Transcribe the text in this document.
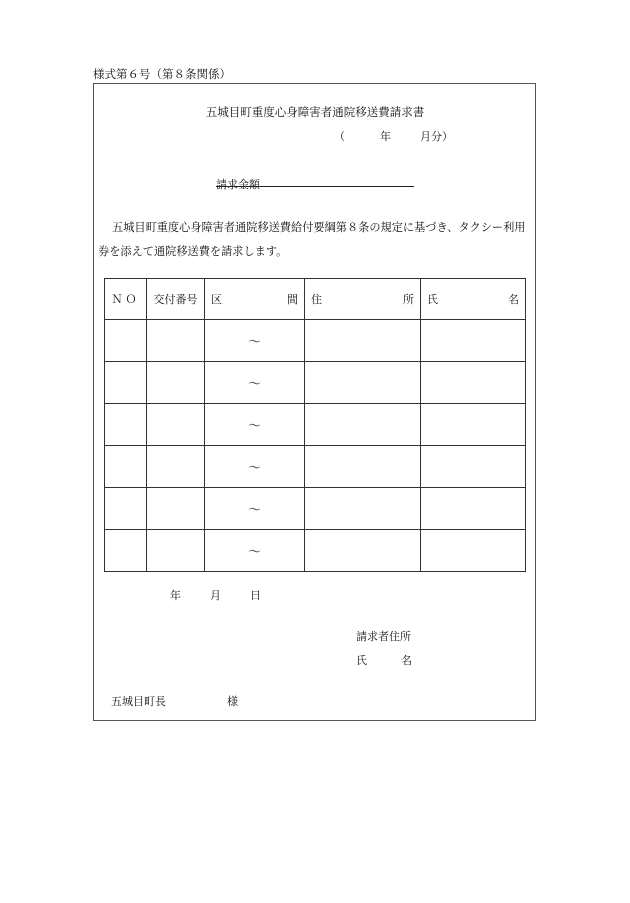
様式第６号（第８条関係）
五城目町重度心身障害者通院移送費請求書
（	年	月分）
請求金額
五城目町重度心身障害者通院移送費給付要綱第８条の規定に基づき、タクシー利用券を添えて通院移送費を請求します。
ＮＯ	交付番号	区 間	住 所	氏 名

		～		
		～		
		～		
		～		
		～		
		～		
年	月	日
請求者住所
氏	名
五城目町長	様
